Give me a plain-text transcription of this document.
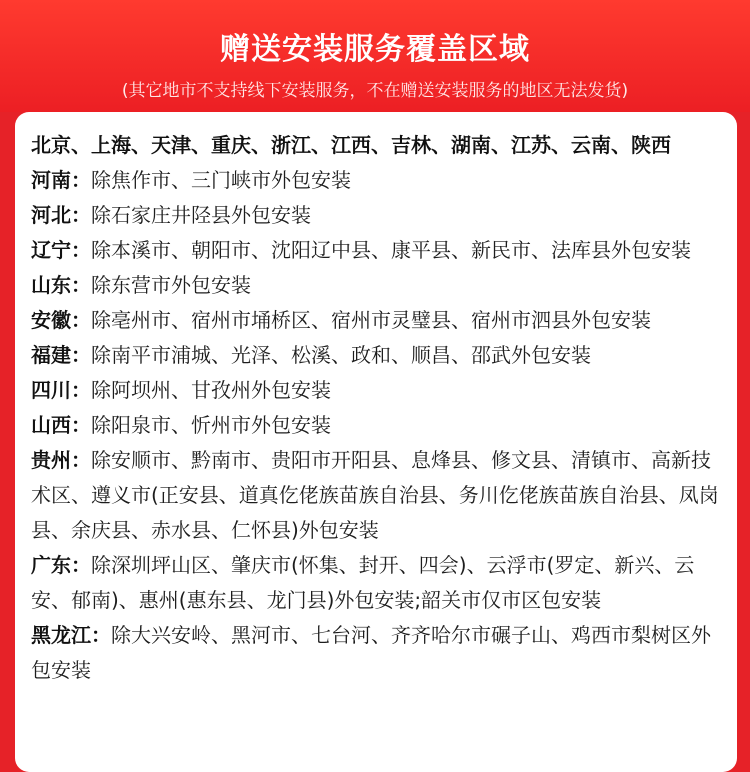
赠送安装服务覆盖区域
(其它地市不支持线下安装服务，不在赠送安装服务的地区无法发货)
北京、上海、天津、重庆、浙江、江西、吉林、湖南、江苏、云南、陕西
河南：除焦作市、三门峡市外包安装
河北：除石家庄井陉县外包安装
辽宁：除本溪市、朝阳市、沈阳辽中县、康平县、新民市、法库县外包安装
山东：除东营市外包安装
安徽：除亳州市、宿州市埇桥区、宿州市灵璧县、宿州市泗县外包安装
福建：除南平市浦城、光泽、松溪、政和、顺昌、邵武外包安装
四川：除阿坝州、甘孜州外包安装
山西：除阳泉市、忻州市外包安装
贵州：除安顺市、黔南市、贵阳市开阳县、息烽县、修文县、清镇市、高新技术区、遵义市(正安县、道真仡佬族苗族自治县、务川仡佬族苗族自治县、凤岗县、余庆县、赤水县、仁怀县)外包安装
广东：除深圳坪山区、肇庆市(怀集、封开、四会)、云浮市(罗定、新兴、云安、郁南)、惠州(惠东县、龙门县)外包安装;韶关市仅市区包安装
黑龙江：除大兴安岭、黑河市、七台河、齐齐哈尔市碾子山、鸡西市梨树区外包安装
